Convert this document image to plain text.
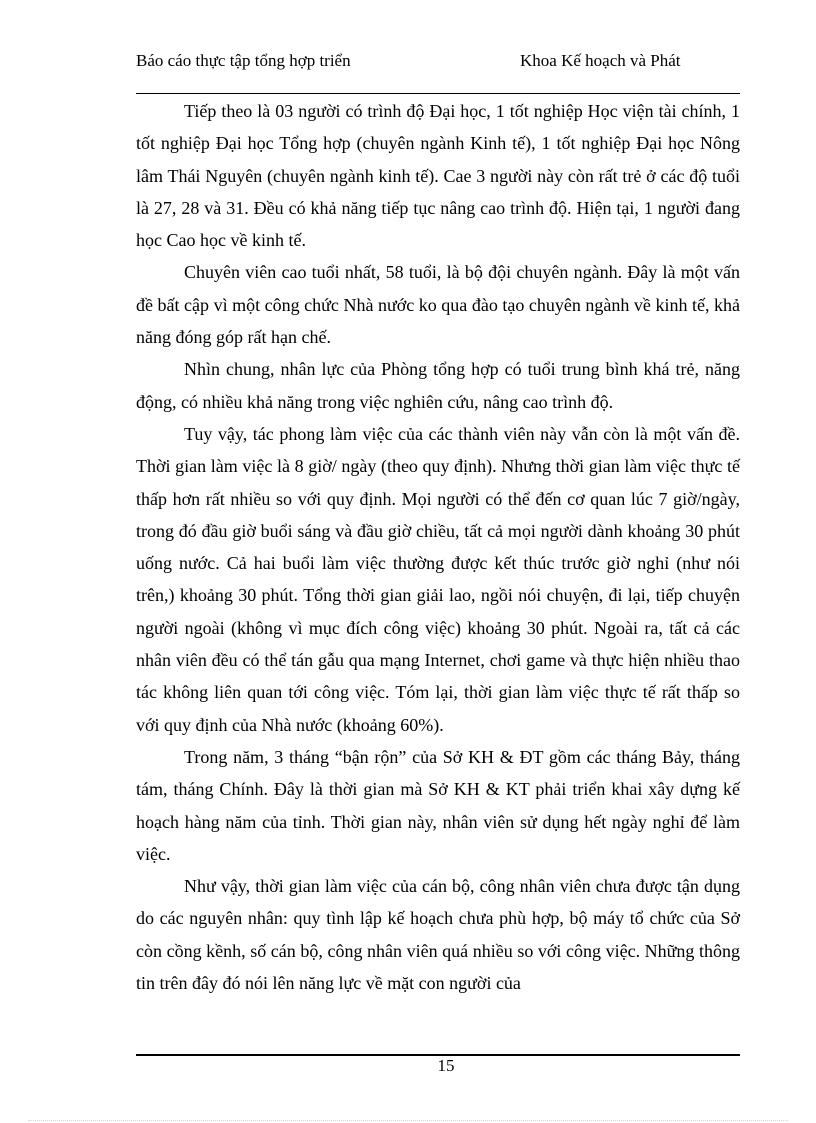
Báo cáo thực tập tổng hợp triển	Khoa Kế hoạch và Phát

Tiếp theo là 03 người có trình độ Đại học, 1 tốt nghiệp Học viện tài chính, 1 tốt nghiệp Đại học Tổng hợp (chuyên ngành Kinh tế), 1 tốt nghiệp Đại học Nông lâm Thái Nguyên (chuyên ngành kinh tế). Cae 3 người này còn rất trẻ ở các độ tuổi là 27, 28 và 31. Đều có khả năng tiếp tục nâng cao trình độ. Hiện tại, 1 người đang học Cao học về kinh tế.

Chuyên viên cao tuổi nhất, 58 tuổi, là bộ đội chuyên ngành. Đây là một vấn đề bất cập vì một công chức Nhà nước ko qua đào tạo chuyên ngành về kinh tế, khả năng đóng góp rất hạn chế.

Nhìn chung, nhân lực của Phòng tổng hợp có tuổi trung bình khá trẻ, năng động, có nhiều khả năng trong việc nghiên cứu, nâng cao trình độ.

Tuy vậy, tác phong làm việc của các thành viên này vẫn còn là một vấn đề. Thời gian làm việc là 8 giờ/ ngày (theo quy định). Nhưng thời gian làm việc thực tế thấp hơn rất nhiều so với quy định. Mọi người có thể đến cơ quan lúc 7 giờ/ngày, trong đó đầu giờ buổi sáng và đầu giờ chiều, tất cả mọi người dành khoảng 30 phút uống nước. Cả hai buổi làm việc thường được kết thúc trước giờ nghỉ (như nói trên,) khoảng 30 phút. Tổng thời gian giải lao, ngồi nói chuyện, đi lại, tiếp chuyện người ngoài (không vì mục đích công việc) khoảng 30 phút. Ngoài ra, tất cả các nhân viên đều có thể tán gẫu qua mạng Internet, chơi game và thực hiện nhiều thao tác không liên quan tới công việc. Tóm lại, thời gian làm việc thực tế rất thấp so với quy định của Nhà nước (khoảng 60%).

Trong năm, 3 tháng “bận rộn” của Sở KH & ĐT gồm các tháng Bảy, tháng tám, tháng Chính. Đây là thời gian mà Sở KH & KT phải triển khai xây dựng kế hoạch hàng năm của tỉnh. Thời gian này, nhân viên sử dụng hết ngày nghỉ để làm việc.

Như vậy, thời gian làm việc của cán bộ, công nhân viên chưa được tận dụng do các nguyên nhân: quy tình lập kế hoạch chưa phù hợp, bộ máy tổ chức của Sở còn cồng kềnh, số cán bộ, công nhân viên quá nhiều so với công việc. Những thông tin trên đây đó nói lên năng lực về mặt con người của

15
